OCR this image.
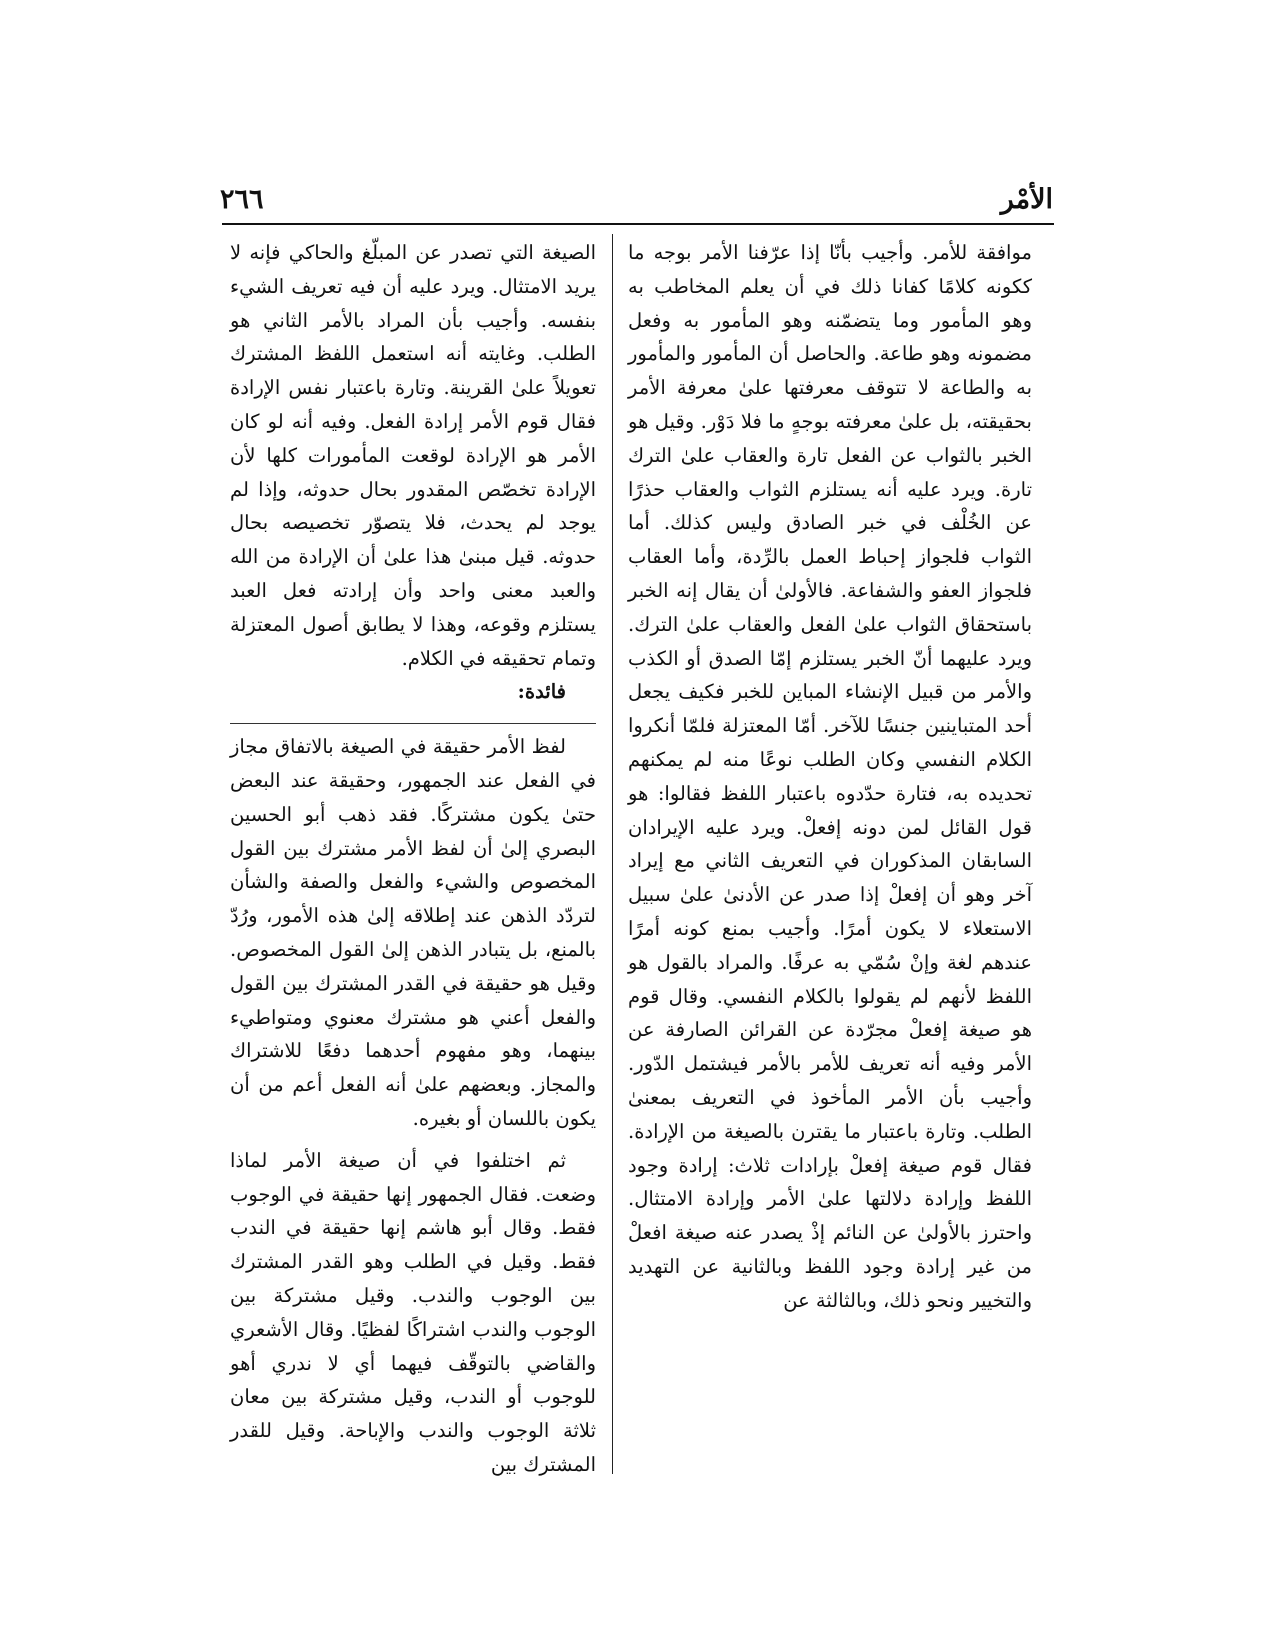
٢٦٦	الأمْر

موافقة للأمر. وأجيب بأنّا إذا عرّفنا الأمر بوجه ما ككونه كلامًا كفانا ذلك في أن يعلم المخاطب به وهو المأمور وما يتضمّنه وهو المأمور به وفعل مضمونه وهو طاعة. والحاصل أن المأمور والمأمور به والطاعة لا تتوقف معرفتها علىٰ معرفة الأمر بحقيقته، بل علىٰ معرفته بوجهٍ ما فلا دَوْر. وقيل هو الخبر بالثواب عن الفعل تارة والعقاب علىٰ الترك تارة. ويرد عليه أنه يستلزم الثواب والعقاب حذرًا عن الخُلْف في خبر الصادق وليس كذلك. أما الثواب فلجواز إحباط العمل بالرِّدة، وأما العقاب فلجواز العفو والشفاعة. فالأولىٰ أن يقال إنه الخبر باستحقاق الثواب علىٰ الفعل والعقاب علىٰ الترك. ويرد عليهما أنّ الخبر يستلزم إمّا الصدق أو الكذب والأمر من قبيل الإنشاء المباين للخبر فكيف يجعل أحد المتباينين جنسًا للآخر. أمّا المعتزلة فلمّا أنكروا الكلام النفسي وكان الطلب نوعًا منه لم يمكنهم تحديده به، فتارة حدّدوه باعتبار اللفظ فقالوا: هو قول القائل لمن دونه إفعلْ. ويرد عليه الإيرادان السابقان المذكوران في التعريف الثاني مع إيراد آخر وهو أن إفعلْ إذا صدر عن الأدنىٰ علىٰ سبيل الاستعلاء لا يكون أمرًا. وأجيب بمنع كونه أمرًا عندهم لغة وإنْ سُمّي به عرفًا. والمراد بالقول هو اللفظ لأنهم لم يقولوا بالكلام النفسي. وقال قوم هو صيغة إفعلْ مجرّدة عن القرائن الصارفة عن الأمر وفيه أنه تعريف للأمر بالأمر فيشتمل الدّور. وأجيب بأن الأمر المأخوذ في التعريف بمعنىٰ الطلب. وتارة باعتبار ما يقترن بالصيغة من الإرادة. فقال قوم صيغة إفعلْ بإرادات ثلاث: إرادة وجود اللفظ وإرادة دلالتها علىٰ الأمر وإرادة الامتثال. واحترز بالأولىٰ عن النائم إذْ يصدر عنه صيغة افعلْ من غير إرادة وجود اللفظ وبالثانية عن التهديد والتخيير ونحو ذلك، وبالثالثة عن

الصيغة التي تصدر عن المبلّغ والحاكي فإنه لا يريد الامتثال. ويرد عليه أن فيه تعريف الشيء بنفسه. وأجيب بأن المراد بالأمر الثاني هو الطلب. وغايته أنه استعمل اللفظ المشترك تعويلاً علىٰ القرينة. وتارة باعتبار نفس الإرادة فقال قوم الأمر إرادة الفعل. وفيه أنه لو كان الأمر هو الإرادة لوقعت المأمورات كلها لأن الإرادة تخصّص المقدور بحال حدوثه، وإذا لم يوجد لم يحدث، فلا يتصوّر تخصيصه بحال حدوثه. قيل مبنىٰ هذا علىٰ أن الإرادة من الله والعبد معنى واحد وأن إرادته فعل العبد يستلزم وقوعه، وهذا لا يطابق أصول المعتزلة وتمام تحقيقه في الكلام.

فائدة:

لفظ الأمر حقيقة في الصيغة بالاتفاق مجاز في الفعل عند الجمهور، وحقيقة عند البعض حتىٰ يكون مشتركًا. فقد ذهب أبو الحسين البصري إلىٰ أن لفظ الأمر مشترك بين القول المخصوص والشيء والفعل والصفة والشأن لتردّد الذهن عند إطلاقه إلىٰ هذه الأمور، ورُدّ بالمنع، بل يتبادر الذهن إلىٰ القول المخصوص. وقيل هو حقيقة في القدر المشترك بين القول والفعل أعني هو مشترك معنوي ومتواطيء بينهما، وهو مفهوم أحدهما دفعًا للاشتراك والمجاز. وبعضهم علىٰ أنه الفعل أعم من أن يكون باللسان أو بغيره.

ثم اختلفوا في أن صيغة الأمر لماذا وضعت. فقال الجمهور إنها حقيقة في الوجوب فقط. وقال أبو هاشم إنها حقيقة في الندب فقط. وقيل في الطلب وهو القدر المشترك بين الوجوب والندب. وقيل مشتركة بين الوجوب والندب اشتراكًا لفظيًا. وقال الأشعري والقاضي بالتوقّف فيهما أي لا ندري أهو للوجوب أو الندب، وقيل مشتركة بين معان ثلاثة الوجوب والندب والإباحة. وقيل للقدر المشترك بين
